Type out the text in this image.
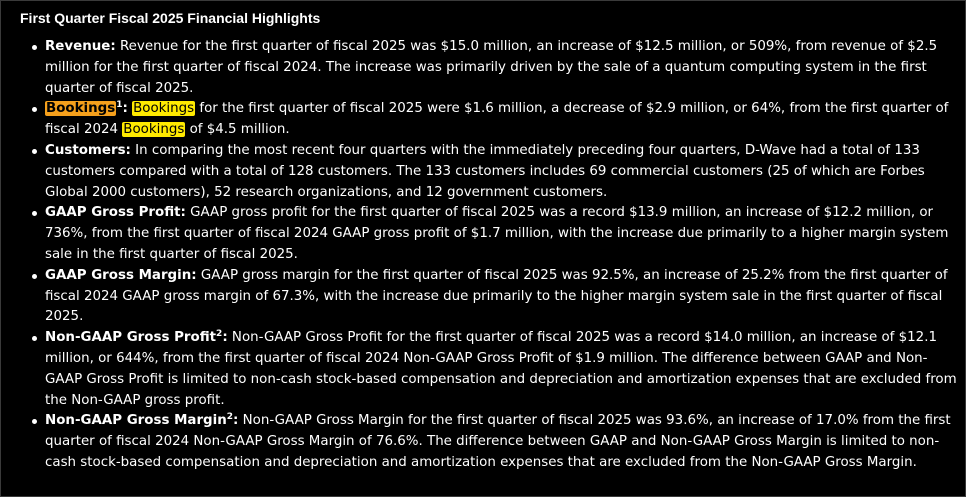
First Quarter Fiscal 2025 Financial Highlights
Revenue: Revenue for the first quarter of fiscal 2025 was $15.0 million, an increase of $12.5 million, or 509%, from revenue of $2.5 million for the first quarter of fiscal 2024. The increase was primarily driven by the sale of a quantum computing system in the first quarter of fiscal 2025.
Bookings$^1$: Bookings for the first quarter of fiscal 2025 were $1.6 million, a decrease of $2.9 million, or 64%, from the first quarter of fiscal 2024 Bookings of $4.5 million.
Customers: In comparing the most recent four quarters with the immediately preceding four quarters, D-Wave had a total of 133 customers compared with a total of 128 customers. The 133 customers includes 69 commercial customers (25 of which are Forbes Global 2000 customers), 52 research organizations, and 12 government customers.
GAAP Gross Profit: GAAP gross profit for the first quarter of fiscal 2025 was a record $13.9 million, an increase of $12.2 million, or 736%, from the first quarter of fiscal 2024 GAAP gross profit of $1.7 million, with the increase due primarily to a higher margin system sale in the first quarter of fiscal 2025.
GAAP Gross Margin: GAAP gross margin for the first quarter of fiscal 2025 was 92.5%, an increase of 25.2% from the first quarter of fiscal 2024 GAAP gross margin of 67.3%, with the increase due primarily to the higher margin system sale in the first quarter of fiscal 2025.
Non-GAAP Gross Profit$^2$: Non-GAAP Gross Profit for the first quarter of fiscal 2025 was a record $14.0 million, an increase of $12.1 million, or 644%, from the first quarter of fiscal 2024 Non-GAAP Gross Profit of $1.9 million. The difference between GAAP and Non-GAAP Gross Profit is limited to non-cash stock-based compensation and depreciation and amortization expenses that are excluded from the Non-GAAP gross profit.
Non-GAAP Gross Margin$^2$: Non-GAAP Gross Margin for the first quarter of fiscal 2025 was 93.6%, an increase of 17.0% from the first quarter of fiscal 2024 Non-GAAP Gross Margin of 76.6%. The difference between GAAP and Non-GAAP Gross Margin is limited to non-cash stock-based compensation and depreciation and amortization expenses that are excluded from the Non-GAAP Gross Margin.
